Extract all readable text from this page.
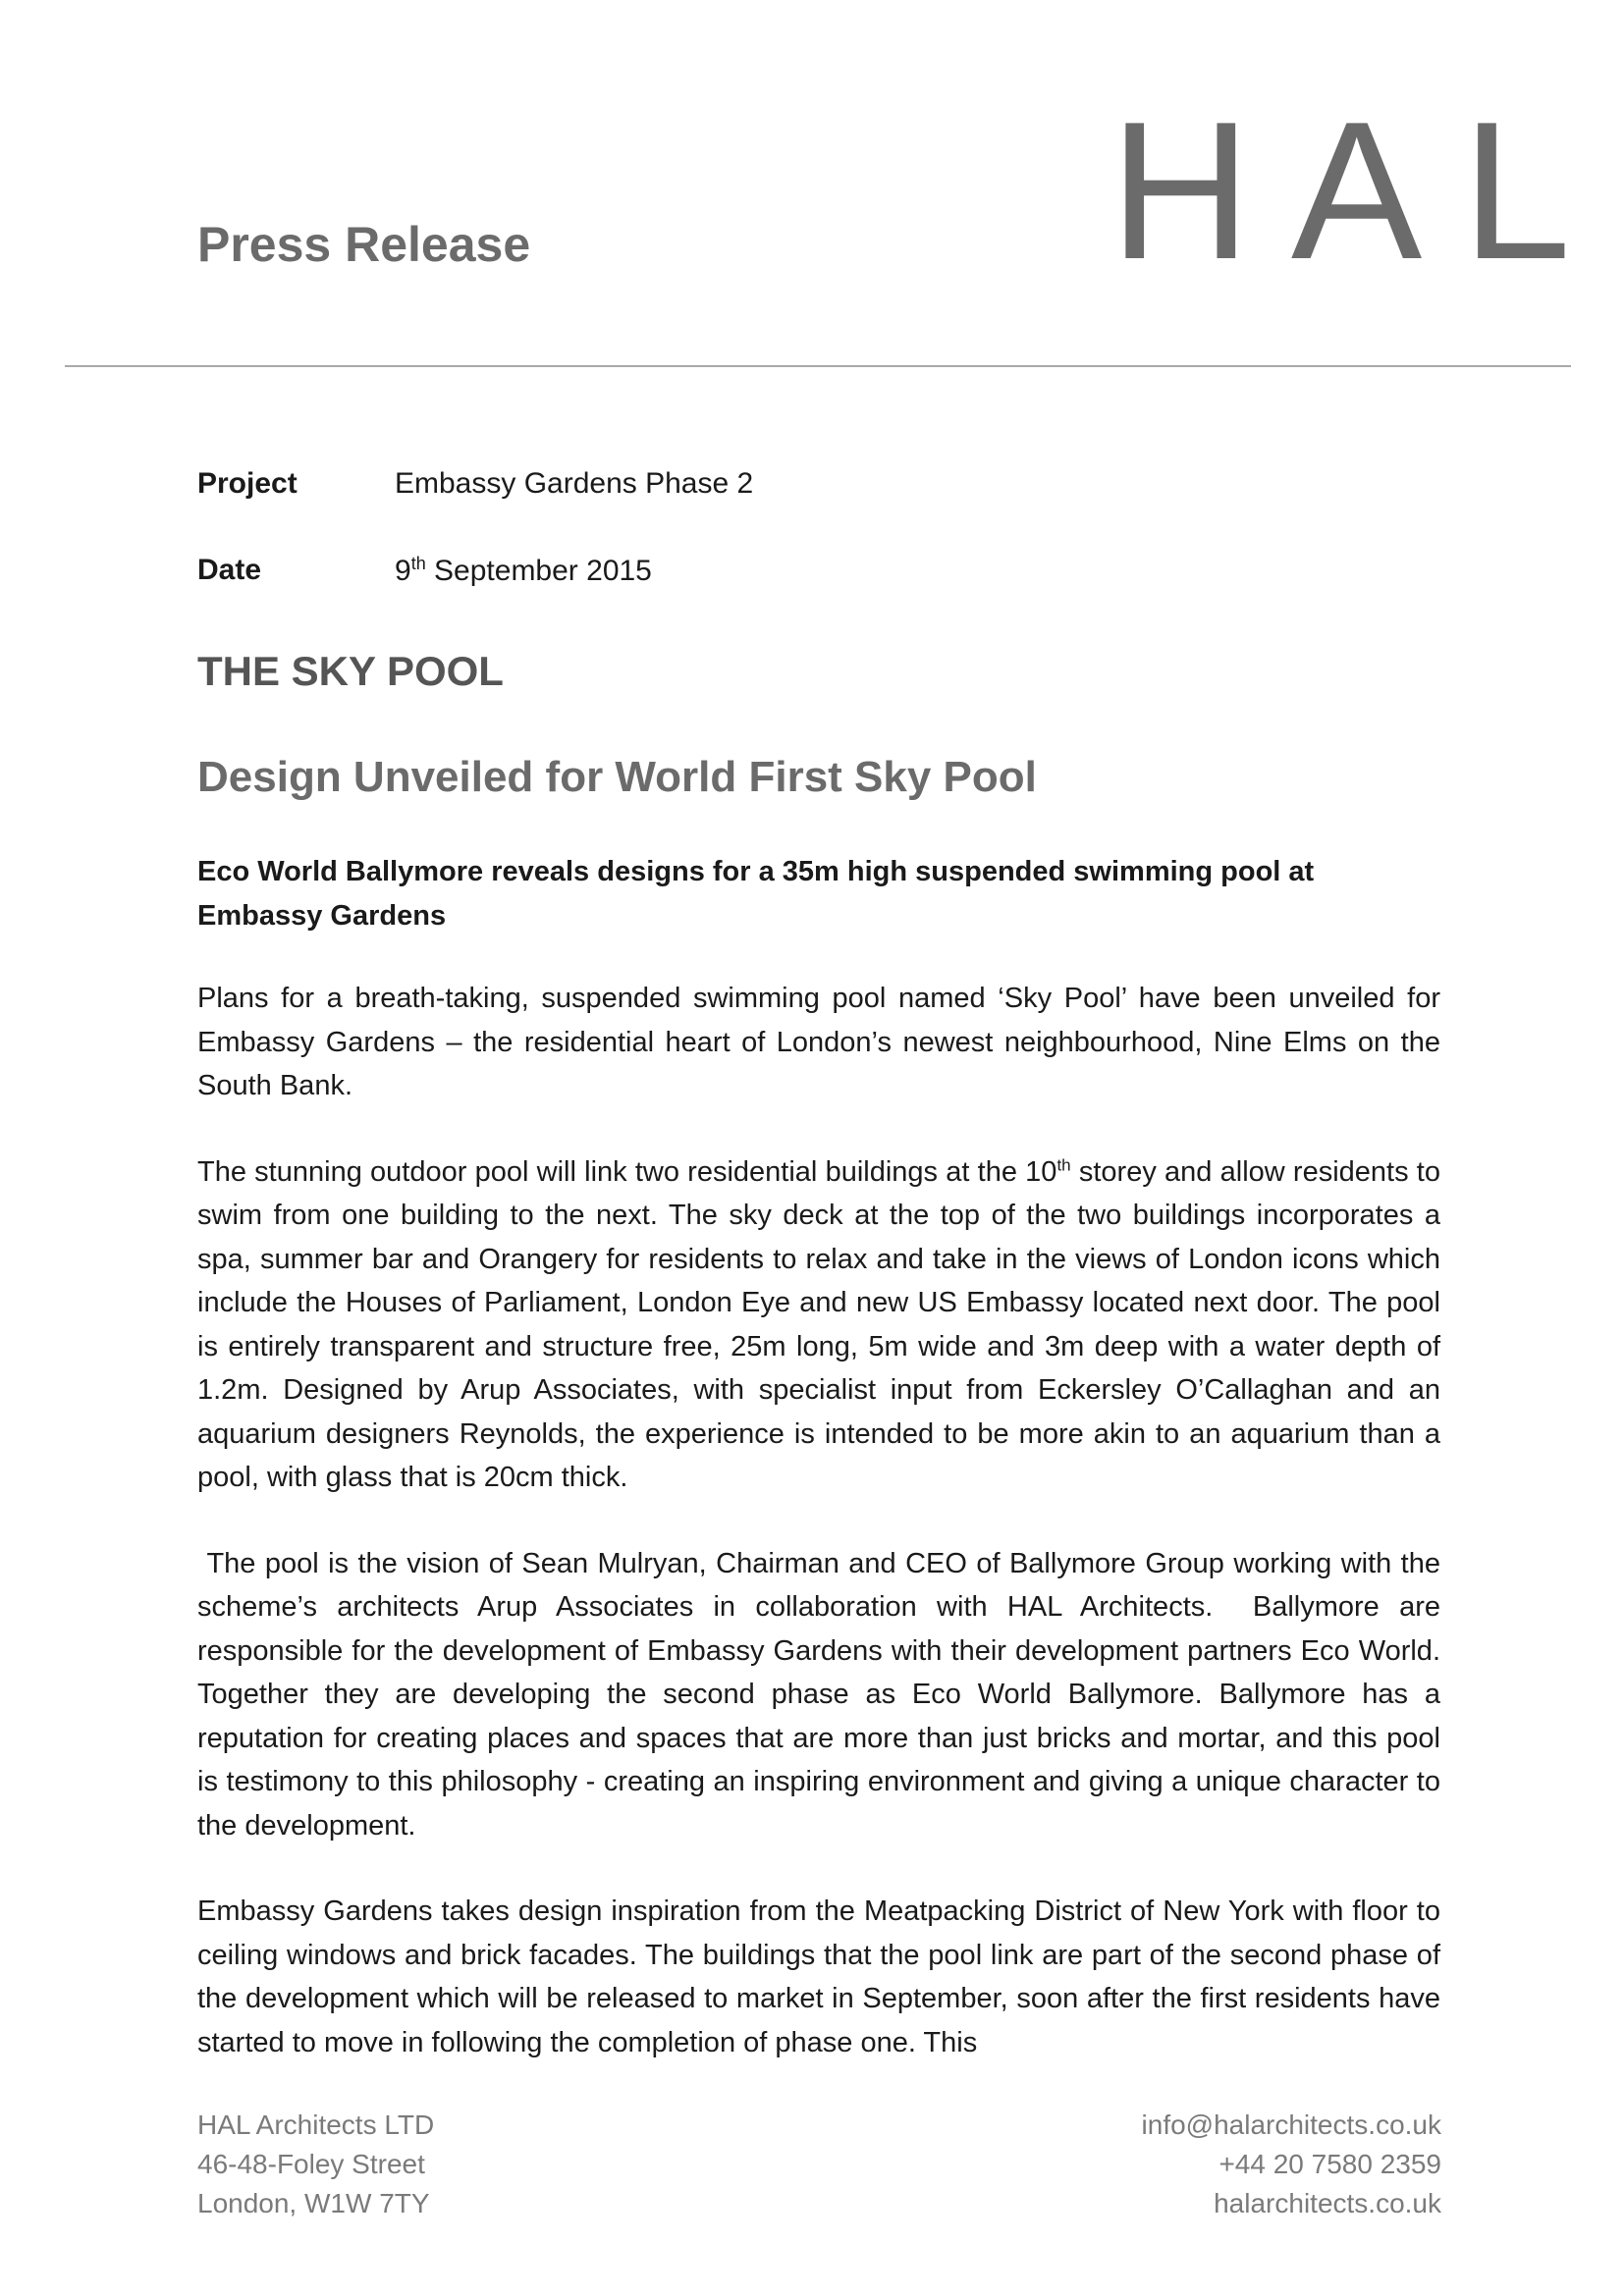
Press Release	H A L
Project	Embassy Gardens Phase 2
Date	9th September 2015
THE SKY POOL
Design Unveiled for World First Sky Pool

Eco World Ballymore reveals designs for a 35m high suspended swimming pool at Embassy Gardens

Plans for a breath-taking, suspended swimming pool named ‘Sky Pool’ have been unveiled for Embassy Gardens – the residential heart of London’s newest neighbourhood, Nine Elms on the South Bank.

The stunning outdoor pool will link two residential buildings at the 10th storey and allow residents to swim from one building to the next. The sky deck at the top of the two buildings incorporates a spa, summer bar and Orangery for residents to relax and take in the views of London icons which include the Houses of Parliament, London Eye and new US Embassy located next door. The pool is entirely transparent and structure free, 25m long, 5m wide and 3m deep with a water depth of 1.2m. Designed by Arup Associates, with specialist input from Eckersley O’Callaghan and an aquarium designers Reynolds, the experience is intended to be more akin to an aquarium than a pool, with glass that is 20cm thick.

The pool is the vision of Sean Mulryan, Chairman and CEO of Ballymore Group working with the scheme’s architects Arup Associates in collaboration with HAL Architects.  Ballymore are responsible for the development of Embassy Gardens with their development partners Eco World. Together they are developing the second phase as Eco World Ballymore. Ballymore has a reputation for creating places and spaces that are more than just bricks and mortar, and this pool is testimony to this philosophy - creating an inspiring environment and giving a unique character to the development.

Embassy Gardens takes design inspiration from the Meatpacking District of New York with floor to ceiling windows and brick facades. The buildings that the pool link are part of the second phase of the development which will be released to market in September, soon after the first residents have started to move in following the completion of phase one. This

HAL Architects LTD
46-48-Foley Street
London, W1W 7TY
info@halarchitects.co.uk
+44 20 7580 2359
halarchitects.co.uk
